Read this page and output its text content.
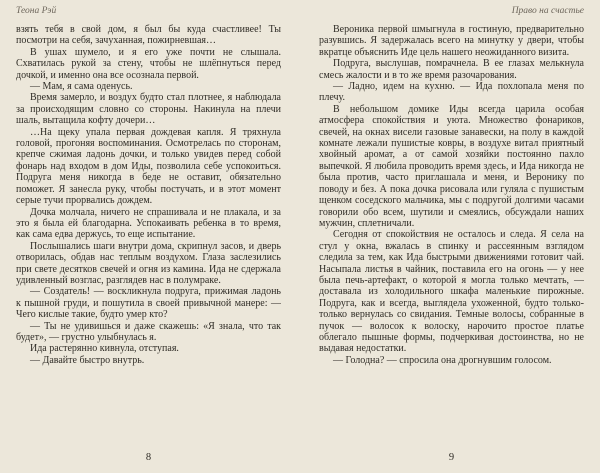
Теона Рэй

взять тебя в свой дом, я был бы куда счастливее! Ты посмотри на себя, зачуханная, пожирневшая…

В ушах шумело, и я его уже почти не слышала. Схватилась рукой за стену, чтобы не шлёпнуться перед дочкой, и именно она все осознала первой.

— Мам, я сама оденусь.

Время замерло, и воздух будто стал плотнее, я наблюдала за происходящим словно со стороны. Накинула на плечи шаль, вытащила кофту дочери…

…На щеку упала первая дождевая капля. Я тряхнула головой, прогоняя воспоминания. Осмотрелась по сторонам, крепче сжимая ладонь дочки, и только увидев перед собой фонарь над входом в дом Иды, позволила себе успокоиться. Подруга меня никогда в беде не оставит, обязательно поможет. Я занесла руку, чтобы постучать, и в этот момент серые тучи прорвались дождем.

Дочка молчала, ничего не спрашивала и не плакала, и за это я была ей благодарна. Успокаивать ребенка в то время, как сама едва держусь, то еще испытание.

Послышались шаги внутри дома, скрипнул засов, и дверь отворилась, обдав нас теплым воздухом. Глаза заслезились при свете десятков свечей и огня из камина. Ида не сдержала удивленный возглас, разглядев нас в полумраке.

— Создатель! — воскликнула подруга, прижимая ладонь к пышной груди, и пошутила в своей привычной манере: — Чего кислые такие, будто умер кто?

— Ты не удивишься и даже скажешь: «Я знала, что так будет», — грустно улыбнулась я.

Ида растерянно кивнула, отступая.

— Давайте быстро внутрь.

8
Право на счастье

Вероника первой шмыгнула в гостиную, предварительно разувшись. Я задержалась всего на минутку у двери, чтобы вкратце объяснить Иде цель нашего неожиданного визита.

Подруга, выслушав, помрачнела. В ее глазах мелькнула смесь жалости и в то же время разочарования.

— Ладно, идем на кухню. — Ида похлопала меня по плечу.

В небольшом домике Иды всегда царила особая атмосфера спокойствия и уюта. Множество фонариков, свечей, на окнах висели газовые занавески, на полу в каждой комнате лежали пушистые ковры, в воздухе витал приятный хвойный аромат, а от самой хозяйки постоянно пахло выпечкой. Я любила проводить время здесь, и Ида никогда не была против, часто приглашала и меня, и Веронику по поводу и без. А пока дочка рисовала или гуляла с пушистым щенком соседского мальчика, мы с подругой долгими часами говорили обо всем, шутили и смеялись, обсуждали наших мужчин, сплетничали.

Сегодня от спокойствия не осталось и следа. Я села на стул у окна, вжалась в спинку и рассеянным взглядом следила за тем, как Ида быстрыми движениями готовит чай. Насыпала листья в чайник, поставила его на огонь — у нее была печь-артефакт, о которой я могла только мечтать, — доставала из холодильного шкафа маленькие пирожные. Подруга, как и всегда, выглядела ухоженной, будто только-только вернулась со свидания. Темные волосы, собранные в пучок — волосок к волоску, нарочито простое платье облегало пышные формы, подчеркивая достоинства, но не выдавая недостатки.

— Голодна? — спросила она дрогнувшим голосом.

9
